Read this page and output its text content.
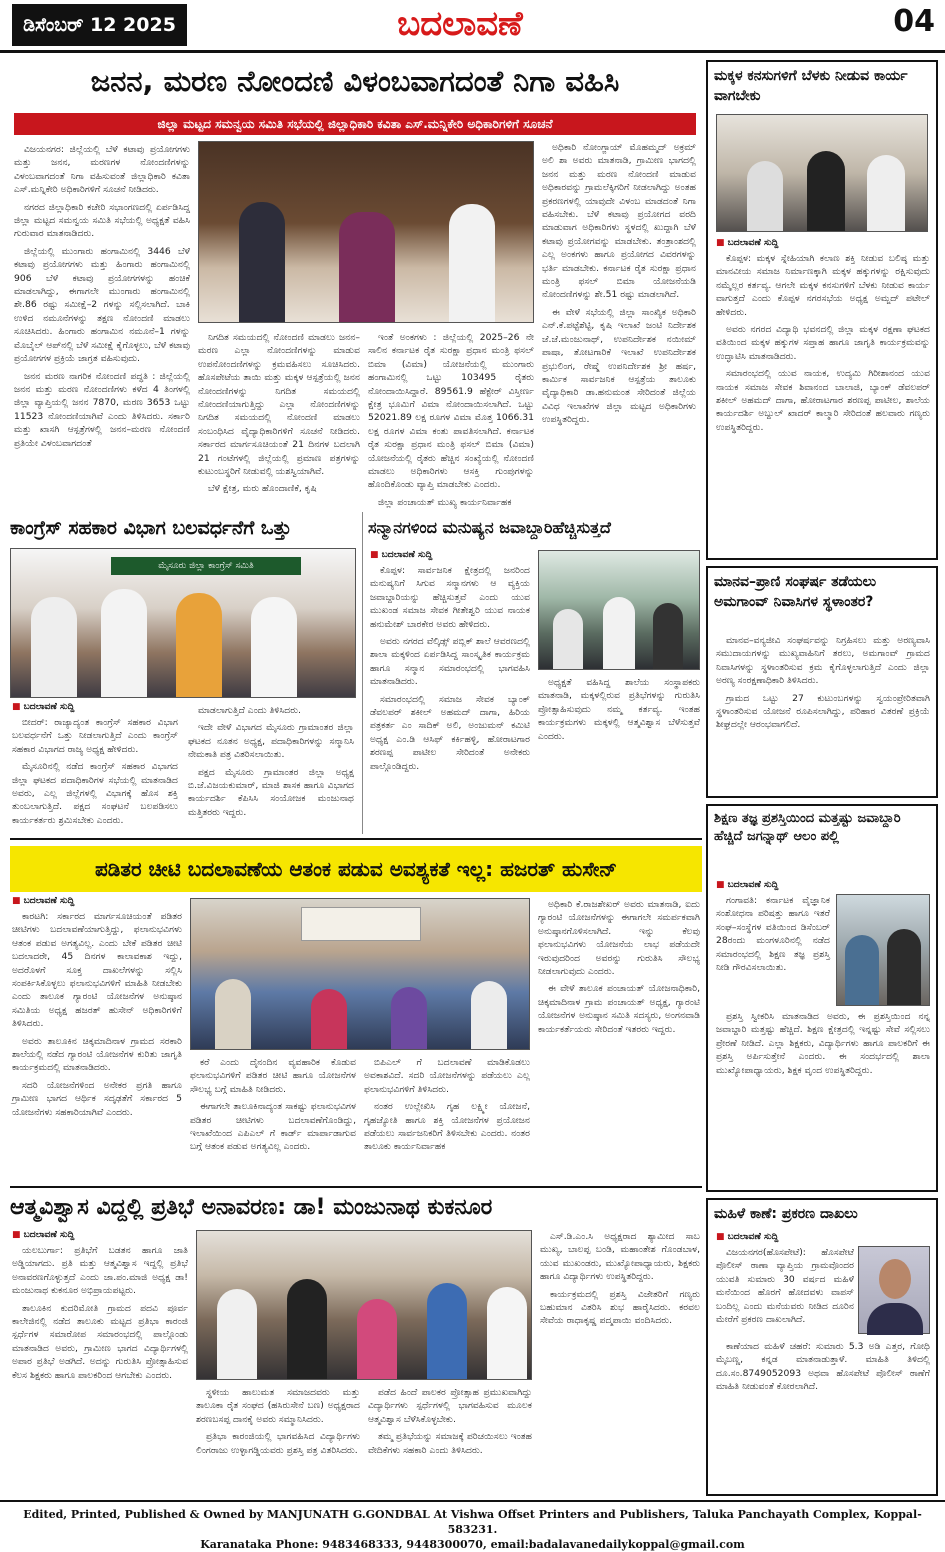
ಡಿಸೆಂಬರ್ 12 2025	ಬದಲಾವಣೆ	04
ಜನನ, ಮರಣ ನೋಂದಣಿ ವಿಳಂಬವಾಗದಂತೆ ನಿಗಾ ವಹಿಸಿ
ಜಿಲ್ಲಾ ಮಟ್ಟದ ಸಮನ್ವಯ ಸಮಿತಿ ಸಭೆಯಲ್ಲಿ ಜಿಲ್ಲಾಧಿಕಾರಿ ಕವಿತಾ ಎಸ್.ಮನ್ನಿಕೇರಿ ಅಧಿಕಾರಿಗಳಿಗೆ ಸೂಚನೆ

ವಿಜಯನಗರ: ಜಿಲ್ಲೆಯಲ್ಲಿ ಬೆಳೆ ಕಟಾವು ಪ್ರಯೋಗಗಳು ಮತ್ತು ಜನನ, ಮರಣಗಳ ನೋಂದಣಿಗಳನ್ನು ವಿಳಂಬವಾಗದಂತೆ ನಿಗಾ ವಹಿಸುವಂತೆ ಜಿಲ್ಲಾಧಿಕಾರಿ ಕವಿತಾ ಎಸ್.ಮನ್ನಿಕೇರಿ ಅಧಿಕಾರಿಗಳಿಗೆ ಸೂಚನೆ ನೀಡಿದರು.

ನಗರದ ಜಿಲ್ಲಾಧಿಕಾರಿ ಕಚೇರಿ ಸಭಾಂಗಣದಲ್ಲಿ ಏರ್ಪಡಿಸಿದ್ದ ಜಿಲ್ಲಾ ಮಟ್ಟದ ಸಮನ್ವಯ ಸಮಿತಿ ಸಭೆಯಲ್ಲಿ ಅಧ್ಯಕ್ಷತೆ ವಹಿಸಿ ಗುರುವಾರ ಮಾತನಾಡಿದರು.

ಜಿಲ್ಲೆಯಲ್ಲಿ ಮುಂಗಾರು ಹಂಗಾಮಿನಲ್ಲಿ 3446 ಬೆಳೆ ಕಟಾವು ಪ್ರಯೋಗಗಳು ಮತ್ತು ಹಿಂಗಾರು ಹಂಗಾಮಿನಲ್ಲಿ 906 ಬೆಳೆ ಕಟಾವು ಪ್ರಯೋಗಗಳನ್ನು ಹಂಚಿಕೆ ಮಾಡಲಾಗಿದ್ದು, ಈಗಾಗಲೇ ಮುಂಗಾರು ಹಂಗಾಮಿನಲ್ಲಿ ಶೇ.86 ರಷ್ಟು ಸಮೀಕ್ಷೆ–2 ಗಳನ್ನು ಸಲ್ಲಿಸಲಾಗಿದೆ. ಬಾಕಿ ಉಳಿದ ನಮೂನೆಗಳನ್ನು ತಕ್ಷಣ ನೋಂದಣಿ ಮಾಡಲು ಸೂಚಿಸಿದರು. ಹಿಂಗಾರು ಹಂಗಾಮಿನ ನಮೂನೆ–1 ಗಳನ್ನು ಮೊಬೈಲ್ ಆಪ್‌ನಲ್ಲಿ ಬೆಳೆ ಸಮೀಕ್ಷೆ ಕೈಗೊಳ್ಳಲು, ಬೆಳೆ ಕಟಾವು ಪ್ರಯೋಗಗಳ ಪ್ರಕ್ರಿಯೆ ಜಾಗ್ರತ ವಹಿಸುವುದು.

ಜನನ ಮರಣ ನಾಗರಿಕ ನೋಂದಣಿ ಪದ್ಧತಿ : ಜಿಲ್ಲೆಯಲ್ಲಿ ಜನನ ಮತ್ತು ಮರಣ ನೋಂದಣಿಗಳು ಕಳೆದ 4 ತಿಂಗಳಲ್ಲಿ ಜಿಲ್ಲಾ ವ್ಯಾಪ್ತಿಯಲ್ಲಿ ಜನನ 7870, ಮರಣ 3653 ಒಟ್ಟು 11523 ನೋಂದಣಿಯಾಗಿವೆ ಎಂದು ತಿಳಿಸಿದರು. ಸರ್ಕಾರಿ ಮತ್ತು ಖಾಸಗಿ ಆಸ್ಪತ್ರೆಗಳಲ್ಲಿ ಜನನ–ಮರಣ ನೋಂದಣಿ ಪ್ರತಿಯೇ ವಿಳಂಬವಾಗದಂತೆ

ನಿಗದಿತ ಸಮಯದಲ್ಲಿ ನೋಂದಣಿ ಮಾಡಲು ಜನನ–ಮರಣ ಎಲ್ಲಾ ನೋಂದಣಿಗಳನ್ನು ಮಾಡುವ ಉಪನೋಂದಣಿಗಳನ್ನು ಕ್ರಮವಹಿಸಲು ಸೂಚಿಸಿದರು. ಹೊಸಪೇಟೆಯ ತಾಯಿ ಮತ್ತು ಮಕ್ಕಳ ಆಸ್ಪತ್ರೆಯಲ್ಲಿ ಜನನ ನೋಂದಣಿಗಳನ್ನು ನಿಗದಿತ ಸಮಯದಲ್ಲಿ ನೋಂದಣಿಯಾಗುತ್ತಿದ್ದು ಎಲ್ಲಾ ನೋಂದಣಿಗಳನ್ನು ನಿಗದಿತ ಸಮಯದಲ್ಲಿ ನೋಂದಣಿ ಮಾಡಲು ಸಂಬಂಧಿಸಿದ ವೈದ್ಯಾಧಿಕಾರಿಗಳಿಗೆ ಸೂಚನೆ ನೀಡಿದರು. ಸರ್ಕಾರದ ಮಾರ್ಗಸೂಚಿಯಂತೆ 21 ದಿನಗಳ ಬದಲಾಗಿ 21 ಗಂಟೆಗಳಲ್ಲಿ ಜಿಲ್ಲೆಯಲ್ಲಿ ಪ್ರಮಾಣ ಪತ್ರಗಳನ್ನು ಕುಟುಂಬಸ್ಥರಿಗೆ ನೀಡುವಲ್ಲಿ ಯಶಸ್ವಿಯಾಗಿವೆ.

ಬೆಳೆ ಕ್ಷೇತ್ರ, ಮರು ಹೊಂದಾಣಿಕೆ, ಕೃಷಿ

ಇಂತೆ ಅಂಕಗಳು : ಜಿಲ್ಲೆಯಲ್ಲಿ 2025–26 ನೇ ಸಾಲಿನ ಕರ್ನಾಟಕ ರೈತ ಸುರಕ್ಷಾ ಪ್ರಧಾನ ಮಂತ್ರಿ ಫಸಲ್ ಬಿಮಾ (ವಿಮಾ) ಯೋಜನೆಯಲ್ಲಿ ಮುಂಗಾರು ಹಂಗಾಮಿನಲ್ಲಿ ಒಟ್ಟು 103495 ರೈತರು ನೋಂದಾಯಿಸಿದ್ದಾರೆ. 89561.9 ಹೆಕ್ಟೇರ್ ವಿಸ್ತೀರ್ಣ ಕ್ಷೇತ್ರ ಭೂಮಿಗೆ ವಿಮಾ ನೋಂದಾಯಿಸಲಾಗಿದೆ. ಒಟ್ಟು 52021.89 ಲಕ್ಷ ರೂಗಳ ವಿಮಾ ಮೊತ್ತ 1066.31 ಲಕ್ಷ ರೂಗಳ ವಿಮಾ ಕಂತು ಪಾವತಿಸಲಾಗಿದೆ. ಕರ್ನಾಟಕ ರೈತ ಸುರಕ್ಷಾ ಪ್ರಧಾನ ಮಂತ್ರಿ ಫಸಲ್ ಬಿಮಾ (ವಿಮಾ) ಯೋಜನೆಯಲ್ಲಿ ರೈತರು ಹೆಚ್ಚಿನ ಸಂಖ್ಯೆಯಲ್ಲಿ ನೋಂದಣಿ ಮಾಡಲು ಅಧಿಕಾರಿಗಳು ಆಸಕ್ತಿ ಗುಂಪುಗಳನ್ನು ಹೊಂದಿಕೊಂಡು ವ್ಯಾಪ್ತಿ ಮಾಡಬೇಕು ಎಂದರು.

ಜಿಲ್ಲಾ ಪಂಚಾಯತ್ ಮುಖ್ಯ ಕಾರ್ಯನಿರ್ವಾಹಕ

ಅಧಿಕಾರಿ ನೋಂಗ್ಜಾಯ್ ಮೊಹಮ್ಮದ್ ಅಕ್ರಮ್ ಅಲಿ ಶಾ ಅವರು ಮಾತನಾಡಿ, ಗ್ರಾಮೀಣ ಭಾಗದಲ್ಲಿ ಜನನ ಮತ್ತು ಮರಣ ನೋಂದಣಿ ಮಾಡುವ ಅಧಿಕಾರವನ್ನು ಗ್ರಾಮಲೆಕ್ಕಿಗರಿಗೆ ನೀಡಲಾಗಿದ್ದು ಅಂತಹ ಪ್ರಕರಣಗಳಲ್ಲಿ ಯಾವುದೇ ವಿಳಂಬ ಮಾಡದಂತೆ ನಿಗಾ ವಹಿಸಬೇಕು. ಬೆಳೆ ಕಟಾವು ಪ್ರಯೋಗದ ವರದಿ ಮಾಡುವಾಗ ಅಧಿಕಾರಿಗಳು ಸ್ಥಳದಲ್ಲಿ ಖುದ್ದಾಗಿ ಬೆಳೆ ಕಟಾವು ಪ್ರಯೋಗವನ್ನು ಮಾಡಬೇಕು. ತಂತ್ರಾಂಶದಲ್ಲಿ ಎಲ್ಲ ಅಂಕಗಳು ಹಾಗೂ ಪ್ರಯೋಗದ ವಿವರಗಳನ್ನು ಭರ್ತಿ ಮಾಡಬೇಕು. ಕರ್ನಾಟಕ ರೈತ ಸುರಕ್ಷಾ ಪ್ರಧಾನ ಮಂತ್ರಿ ಫಸಲ್ ಬಿಮಾ ಯೋಜನೆಯಡಿ ನೋಂದಣಿಗಳನ್ನು ಶೇ.51 ರಷ್ಟು ಮಾಡಲಾಗಿದೆ.

ಈ ವೇಳೆ ಸಭೆಯಲ್ಲಿ ಜಿಲ್ಲಾ ಸಾಂಖ್ಯಿಕ ಅಧಿಕಾರಿ ಎನ್.ಕೆ.ಪಟ್ಟೆಶೆಟ್ಟಿ, ಕೃಷಿ ಇಲಾಖೆ ಜಂಟಿ ನಿರ್ದೇಶಕ ಜೆ.ಜೆ.ಮಂಜುನಾಥ್, ಉಪನಿರ್ದೇಶಕ ನಯೀಮ್ ಪಾಷಾ, ತೋಟಗಾರಿಕೆ ಇಲಾಖೆ ಉಪನಿರ್ದೇಶಕ ಪ್ರಭುಲಿಂಗ, ರೇಷ್ಮೆ ಉಪನಿರ್ದೇಶಕ ಶ್ರೀ ಹರ್ಷ, ಕಾರ್ಮಿಕ ಸಾರ್ವಜನಿಕ ಆಸ್ಪತ್ರೆಯ ತಾಲೂಕು ವೈದ್ಯಾಧಿಕಾರಿ ಡಾ.ಹನುಮಂತ ಸೇರಿದಂತೆ ಜಿಲ್ಲೆಯ ವಿವಿಧ ಇಲಾಖೆಗಳ ಜಿಲ್ಲಾ ಮಟ್ಟದ ಅಧಿಕಾರಿಗಳು ಉಪಸ್ಥಿತರಿದ್ದರು.

ಮಕ್ಕಳ ಕನಸುಗಳಿಗೆ ಬೆಳಕು ನೀಡುವ ಕಾರ್ಯ ವಾಗಬೇಕು
■ ಬದಲಾವಣೆ ಸುದ್ದಿ

ಕೊಪ್ಪಳ: ಮಕ್ಕಳ ಸ್ನೇಹಿಯಾಗಿ ಕಲಾಣ ಶಕ್ತಿ ನೀಡುವ ಬಲಿಷ್ಠ ಮತ್ತು ಮಾನವೀಯ ಸಮಾಜ ನಿರ್ಮಾಣಕ್ಕಾಗಿ ಮಕ್ಕಳ ಹಕ್ಕುಗಳನ್ನು ರಕ್ಷಿಸುವುದು ನಮ್ಮೆಲ್ಲರ ಕರ್ತವ್ಯ. ಆಗಲೇ ಮಕ್ಕಳ ಕನಸುಗಳಿಗೆ ಬೆಳಕು ನೀಡುವ ಕಾರ್ಯ ವಾಗುತ್ತದೆ ಎಂದು ಕೊಪ್ಪಳ ನಗರಸಭೆಯ ಅಧ್ಯಕ್ಷ ಅಮ್ಜದ್ ಪಟೇಲ್ ಹೇಳಿದರು.

ಅವರು ನಗರದ ವಿದ್ಯಾಥಿ ಭವನದಲ್ಲಿ ಜಿಲ್ಲಾ ಮಕ್ಕಳ ರಕ್ಷಣಾ ಘಟಕದ ವತಿಯಿಂದ ಮಕ್ಕಳ ಹಕ್ಕುಗಳ ಸಪ್ತಾಹ ಹಾಗೂ ಜಾಗೃತಿ ಕಾರ್ಯಕ್ರಮವನ್ನು ಉದ್ಘಾಟಿಸಿ ಮಾತನಾಡಿದರು.

ಸಮಾರಂಭದಲ್ಲಿ ಯುವ ನಾಯಕ, ಉದ್ಯಮಿ ಗಿರೀಶಾನಂದ ಯುವ ನಾಯಕ ಸಮಾಜ ಸೇವಕ ಶಿವಾನಂದ ಬಾಲಾಜಿ, ಬ್ಯಾಂಕ್ ಡೆವಲಪರ್ ಶಕೀಲ್ ಅಹಮದ್ ದಾಗಾ, ಹೋರಾಟಗಾರ ಶರಣಪ್ಪ ಪಾಟೀಲ, ಶಾಲೆಯ ಕಾರ್ಯದರ್ಶಿ ಅಬ್ದುಲ್ ಖಾದರ್ ಕಾಲ್ಮಾರಿ ಸೇರಿದಂತೆ ಹಲವಾರು ಗಣ್ಯರು ಉಪಸ್ಥಿತರಿದ್ದರು.

ಮಾನವ–ಪ್ರಾಣಿ ಸಂಘರ್ಷ ತಡೆಯಲು ಅಮಗಾಂವ್ ನಿವಾಸಿಗಳ ಸ್ಥಳಾಂತರ?

ಮಾನವ–ವನ್ಯಜೀವಿ ಸಂಘರ್ಷವನ್ನು ನಿಗ್ರಹಿಸಲು ಮತ್ತು ಅರಣ್ಯವಾಸಿ ಸಮುದಾಯಗಳನ್ನು ಮುಖ್ಯವಾಹಿನಿಗೆ ತರಲು, ಅಮಗಾಂವ್ ಗ್ರಾಮದ ನಿವಾಸಿಗಳನ್ನು ಸ್ಥಳಾಂತರಿಸುವ ಕ್ರಮ ಕೈಗೊಳ್ಳಲಾಗುತ್ತಿದೆ ಎಂದು ಜಿಲ್ಲಾ ಅರಣ್ಯ ಸಂರಕ್ಷಣಾಧಿಕಾರಿ ತಿಳಿಸಿದರು.

ಗ್ರಾಮದ ಒಟ್ಟು 27 ಕುಟುಂಬಗಳನ್ನು ಸ್ವಯಂಪ್ರೇರಿತವಾಗಿ ಸ್ಥಳಾಂತರಿಸುವ ಯೋಜನೆ ರೂಪಿಸಲಾಗಿದ್ದು, ಪರಿಹಾರ ವಿತರಣೆ ಪ್ರಕ್ರಿಯೆ ಶೀಘ್ರದಲ್ಲೇ ಆರಂಭವಾಗಲಿದೆ.

ಕಾಂಗ್ರೆಸ್ ಸಹಕಾರ ವಿಭಾಗ ಬಲವರ್ಧನೆಗೆ ಒತ್ತು
ಮೈಸೂರು ಜಿಲ್ಲಾ ಕಾಂಗ್ರೆಸ್ ಸಮಿತಿ
■ ಬದಲಾವಣೆ ಸುದ್ದಿ

ಬೀದರ್: ರಾಜ್ಯಾದ್ಯಂತ ಕಾಂಗ್ರೆಸ್ ಸಹಕಾರ ವಿಭಾಗ ಬಲವರ್ಧನೆಗೆ ಒತ್ತು ನೀಡಲಾಗುತ್ತಿದೆ ಎಂದು ಕಾಂಗ್ರೆಸ್ ಸಹಕಾರ ವಿಭಾಗದ ರಾಜ್ಯ ಅಧ್ಯಕ್ಷ ಹೇಳಿದರು.

ಮೈಸೂರಿನಲ್ಲಿ ನಡೆದ ಕಾಂಗ್ರೆಸ್ ಸಹಕಾರ ವಿಭಾಗದ ಜಿಲ್ಲಾ ಘಟಕದ ಪದಾಧಿಕಾರಿಗಳ ಸಭೆಯಲ್ಲಿ ಮಾತನಾಡಿದ ಅವರು, ಎಲ್ಲ ಜಿಲ್ಲೆಗಳಲ್ಲಿ ವಿಭಾಗಕ್ಕೆ ಹೊಸ ಶಕ್ತಿ ತುಂಬಲಾಗುತ್ತಿದೆ. ಪಕ್ಷದ ಸಂಘಟನೆ ಬಲಪಡಿಸಲು ಕಾರ್ಯಕರ್ತರು ಶ್ರಮಿಸಬೇಕು ಎಂದರು.

ಮಾಡಲಾಗುತ್ತಿದೆ ಎಂದು ತಿಳಿಸಿದರು.

ಇದೇ ವೇಳೆ ವಿಭಾಗದ ಮೈಸೂರು ಗ್ರಾಮಾಂತರ ಜಿಲ್ಲಾ ಘಟಕದ ನೂತನ ಅಧ್ಯಕ್ಷ, ಪದಾಧಿಕಾರಿಗಳನ್ನು ಸನ್ಮಾನಿಸಿ ನೇಮಕಾತಿ ಪತ್ರ ವಿತರಿಸಲಾಯಿತು.

ಪಕ್ಷದ ಮೈಸೂರು ಗ್ರಾಮಾಂತರ ಜಿಲ್ಲಾ ಅಧ್ಯಕ್ಷ ಬಿ.ಜೆ.ವಿಜಯಕುಮಾರ್, ಮಾಜಿ ಶಾಸಕ ಹಾಗೂ ವಿಭಾಗದ ಕಾರ್ಯದರ್ಶಿ ಕೆಪಿಸಿಸಿ ಸಂಯೋಜಕ ಮಂಜುನಾಥ ಮತ್ತಿತರರು ಇದ್ದರು.

ಸನ್ಮಾನಗಳಿಂದ ಮನುಷ್ಯನ ಜವಾಬ್ದಾರಿಹೆಚ್ಚಿಸುತ್ತದೆ
■ ಬದಲಾವಣೆ ಸುದ್ದಿ

ಕೊಪ್ಪಳ: ಸಾರ್ವಜನಿಕ ಕ್ಷೇತ್ರದಲ್ಲಿ ಜನರಿಂದ ಮನುಷ್ಯನಿಗೆ ಸಿಗುವ ಸನ್ಮಾನಗಳು ಆ ವ್ಯಕ್ತಿಯ ಜವಾಬ್ದಾರಿಯನ್ನು ಹೆಚ್ಚಿಸುತ್ತವೆ ಎಂದು ಯುವ ಮುಖಂಡ ಸಮಾಜ ಸೇವಕ ಗೀತೇಶ್ವರಿ ಯುವ ನಾಯಕ ಹನುಮೇಶ್ ಬಾರಕೇರ ಅವರು ಹೇಳಿದರು.

ಅವರು ನಗರದ ವೆಲ್ಕಿಡ್ಸ್ ಪಬ್ಲಿಕ್ ಶಾಲೆ ಆವರಣದಲ್ಲಿ ಶಾಲಾ ಮಕ್ಕಳಿಂದ ಏರ್ಪಡಿಸಿದ್ದ ಸಾಂಸ್ಕೃತಿಕ ಕಾರ್ಯಕ್ರಮ ಹಾಗೂ ಸನ್ಮಾನ ಸಮಾರಂಭದಲ್ಲಿ ಭಾಗವಹಿಸಿ ಮಾತನಾಡಿದರು.

ಸಮಾರಂಭದಲ್ಲಿ ಸಮಾಜ ಸೇವಕ ಬ್ಯಾಂಕ್ ಡೆವಲಪರ್ ಶಕೀಲ್ ಅಹಮದ್ ದಾಗಾ, ಹಿರಿಯ ಪತ್ರಕರ್ತ ಎಂ ಸಾದಿಕ್ ಅಲಿ, ಅಂಜುಮನ್ ಕಮಿಟಿ ಅಧ್ಯಕ್ಷ ಎಂ.ಡಿ ಆಸಿಫ್ ಕರ್ಕಿಹಳ್ಳಿ, ಹೋರಾಟಗಾರ ಶರಣಪ್ಪ ಪಾಟೀಲ ಸೇರಿದಂತೆ ಅನೇಕರು ಪಾಲ್ಗೊಂಡಿದ್ದರು.

ಅಧ್ಯಕ್ಷತೆ ವಹಿಸಿದ್ದ ಶಾಲೆಯ ಸಂಸ್ಥಾಪಕರು ಮಾತನಾಡಿ, ಮಕ್ಕಳಲ್ಲಿರುವ ಪ್ರತಿಭೆಗಳನ್ನು ಗುರುತಿಸಿ ಪ್ರೋತ್ಸಾಹಿಸುವುದು ನಮ್ಮ ಕರ್ತವ್ಯ. ಇಂತಹ ಕಾರ್ಯಕ್ರಮಗಳು ಮಕ್ಕಳಲ್ಲಿ ಆತ್ಮವಿಶ್ವಾಸ ಬೆಳೆಸುತ್ತವೆ ಎಂದರು.

ಶಿಕ್ಷಣ ತಜ್ಞ ಪ್ರಶಸ್ತಿಯಿಂದ ಮತ್ತಷ್ಟು ಜವಾಬ್ದಾರಿ ಹೆಚ್ಚಿದೆ ಜಗನ್ನಾಥ್ ಆಲಂ ಪಲ್ಲಿ
■ ಬದಲಾವಣೆ ಸುದ್ದಿ

ಗಂಗಾವತಿ: ಕರ್ನಾಟಕ ವೈಜ್ಞಾನಿಕ ಸಂಶೋಧನಾ ಪರಿಷತ್ತು ಹಾಗೂ ಇತರೆ ಸಂಘ–ಸಂಸ್ಥೆಗಳ ವತಿಯಿಂದ ಡಿಸೆಂಬರ್ 28ರಂದು ಮಂಗಳೂರಿನಲ್ಲಿ ನಡೆದ ಸಮಾರಂಭದಲ್ಲಿ ಶಿಕ್ಷಣ ತಜ್ಞ ಪ್ರಶಸ್ತಿ ನೀಡಿ ಗೌರವಿಸಲಾಯಿತು.

ಪ್ರಶಸ್ತಿ ಸ್ವೀಕರಿಸಿ ಮಾತನಾಡಿದ ಅವರು, ಈ ಪ್ರಶಸ್ತಿಯಿಂದ ನನ್ನ ಜವಾಬ್ದಾರಿ ಮತ್ತಷ್ಟು ಹೆಚ್ಚಿದೆ. ಶಿಕ್ಷಣ ಕ್ಷೇತ್ರದಲ್ಲಿ ಇನ್ನಷ್ಟು ಸೇವೆ ಸಲ್ಲಿಸಲು ಪ್ರೇರಣೆ ನೀಡಿದೆ. ಎಲ್ಲಾ ಶಿಕ್ಷಕರು, ವಿದ್ಯಾರ್ಥಿಗಳು ಹಾಗೂ ಪಾಲಕರಿಗೆ ಈ ಪ್ರಶಸ್ತಿ ಅರ್ಪಿಸುತ್ತೇನೆ ಎಂದರು. ಈ ಸಂದರ್ಭದಲ್ಲಿ ಶಾಲಾ ಮುಖ್ಯೋಪಾಧ್ಯಾಯರು, ಶಿಕ್ಷಕ ವೃಂದ ಉಪಸ್ಥಿತರಿದ್ದರು.

ಮಹಿಳೆ ಕಾಣೆ: ಪ್ರಕರಣ ದಾಖಲು
■ ಬದಲಾವಣೆ ಸುದ್ದಿ

ವಿಜಯನಗರ(ಹೊಸಪೇಟೆ): ಹೊಸಪೇಟೆ ಪೊಲೀಸ್ ಠಾಣಾ ವ್ಯಾಪ್ತಿಯ ಗ್ರಾಮವೊಂದರ ಯುವತಿ ಸುಮಾರು 30 ವರ್ಷದ ಮಹಿಳೆ ಮನೆಯಿಂದ ಹೊರಗೆ ಹೋದವಳು ವಾಪಸ್ ಬಂದಿಲ್ಲ ಎಂದು ಮನೆಯವರು ನೀಡಿದ ದೂರಿನ ಮೇರೆಗೆ ಪ್ರಕರಣ ದಾಖಲಾಗಿದೆ.

ಕಾಣೆಯಾದ ಮಹಿಳೆ ಚಹರೆ: ಸುಮಾರು 5.3 ಅಡಿ ಎತ್ತರ, ಗೋಧಿ ಮೈಬಣ್ಣ, ಕನ್ನಡ ಮಾತನಾಡುತ್ತಾಳೆ. ಮಾಹಿತಿ ತಿಳಿದಲ್ಲಿ ದೂ.ಸಂ.8749052093 ಅಥವಾ ಹೊಸಪೇಟೆ ಪೊಲೀಸ್ ಠಾಣೆಗೆ ಮಾಹಿತಿ ನೀಡುವಂತೆ ಕೋರಲಾಗಿದೆ.

ಪಡಿತರ ಚೀಟಿ ಬದಲಾವಣೆಯ ಆತಂಕ ಪಡುವ ಅವಶ್ಯಕತೆ ಇಲ್ಲ: ಹಜರತ್ ಹುಸೇನ್
■ ಬದಲಾವಣೆ ಸುದ್ದಿ

ಕಾರಟಗಿ: ಸರ್ಕಾರದ ಮಾರ್ಗಸೂಚಿಯಂತೆ ಪಡಿತರ ಚೀಟಿಗಳು ಬದಲಾವಣೆಯಾಗುತ್ತಿದ್ದು, ಫಲಾನುಭವಿಗಳು ಆತಂಕ ಪಡುವ ಅಗತ್ಯವಿಲ್ಲ. ಎಂದು ಬೇಕೆ ಪಡಿತರ ಚೀಟಿ ಬದಲಾದರೇ, 45 ದಿನಗಳ ಕಾಲಾವಕಾಶ ಇದ್ದು, ಅದರೊಳಗೆ ಸೂಕ್ತ ದಾಖಲೆಗಳನ್ನು ಸಲ್ಲಿಸಿ ಸಂಪರ್ಕಿಸಿಕೊಳ್ಳಲು ಫಲಾನುಭವಿಗಳಿಗೆ ಮಾಹಿತಿ ನೀಡಬೇಕು ಎಂದು ತಾಲೂಕ ಗ್ಯಾರಂಟಿ ಯೋಜನೆಗಳ ಅನುಷ್ಠಾನ ಸಮಿತಿಯ ಅಧ್ಯಕ್ಷ ಹಜರತ್ ಹುಸೇನ್ ಅಧಿಕಾರಿಗಳಿಗೆ ತಿಳಿಸಿದರು.

ಅವರು ತಾಲೂಕಿನ ಚಿಕ್ಕಮಾದಿನಾಳ ಗ್ರಾಮದ ಸರಕಾರಿ ಶಾಲೆಯಲ್ಲಿ ನಡೆದ ಗ್ಯಾರಂಟಿ ಯೋಜನೆಗಳ ಕುರಿತು ಜಾಗೃತಿ ಕಾರ್ಯಕ್ರಮದಲ್ಲಿ ಮಾತನಾಡಿದರು.

ಸದರಿ ಯೋಜನೆಗಳಿಂದ ಅನೇಕರ ಪ್ರಗತಿ ಹಾಗೂ ಗ್ರಾಮೀಣ ಭಾಗದ ಆರ್ಥಿಕ ಸದೃಢತೆಗೆ ಸರ್ಕಾರದ 5 ಯೋಜನೆಗಳು ಸಹಕಾರಿಯಾಗಿವೆ ಎಂದರು.

ಕರೆ ಎಂದು ದೈನಂದಿನ ವ್ಯವಹಾರಿಕ ಕೊಡುವ ಫಲಾನುಭವಿಗಳಿಗೆ ಪಡಿತರ ಚೀಟಿ ಹಾಗೂ ಯೋಜನೆಗಳ ಸೌಲಭ್ಯ ಬಗ್ಗೆ ಮಾಹಿತಿ ನೀಡಿದರು.

ಈಗಾಗಲೇ ತಾಲೂಕಿನಾದ್ಯಂತ ಸಾಕಷ್ಟು ಫಲಾನುಭವಿಗಳ ಪಡಿತರ ಚೀಟಿಗಳು ಬದಲಾವಣೆಗೊಂಡಿದ್ದು, ಇಲಾಖೆಯಿಂದ ಎಪಿಎಲ್ ಗೆ ಕಾರ್ಡ್ ಮಾರ್ಪಾಡಾಗುವ ಬಗ್ಗೆ ಆತಂಕ ಪಡುವ ಅಗತ್ಯವಿಲ್ಲ ಎಂದರು.

ಬಿಪಿಎಲ್ ಗೆ ಬದಲಾವಣೆ ಮಾಡಿಕೊಡಲು ಅವಕಾಶವಿದೆ. ಸದರಿ ಯೋಜನೆಗಳನ್ನು ಪಡೆಯಲು ಎಲ್ಲ ಫಲಾನುಭವಿಗಳಿಗೆ ತಿಳಿಸಿದರು.

ನಂತರ ಉಲ್ಲೇಖಿಸಿ ಗೃಹ ಲಕ್ಷ್ಮೀ ಯೋಜನೆ, ಗೃಹಜ್ಯೋತಿ ಹಾಗೂ ಶಕ್ತಿ ಯೋಜನೆಗಳ ಪ್ರಯೋಜನ ಪಡೆಯಲು ಸಾರ್ವಜನಿಕರಿಗೆ ತಿಳಿಸಬೇಕು ಎಂದರು. ನಂತರ ತಾಲೂಕು ಕಾರ್ಯನಿರ್ವಾಹಕ

ಅಧಿಕಾರಿ ಕೆ.ರಾಜಶೇಖರ್ ಅವರು ಮಾತನಾಡಿ, ಐದು ಗ್ಯಾರಂಟಿ ಯೋಜನೆಗಳನ್ನು ಈಗಾಗಲೇ ಸಮರ್ಪಕವಾಗಿ ಅನುಷ್ಠಾನಗೊಳಿಸಲಾಗಿದೆ. ಇನ್ನು ಕೆಲವು ಫಲಾನುಭವಿಗಳು ಯೋಜನೆಯ ಲಾಭ ಪಡೆಯದೇ ಇರುವುದರಿಂದ ಅವರನ್ನು ಗುರುತಿಸಿ ಸೌಲಭ್ಯ ನೀಡಲಾಗುವುದು ಎಂದರು.

ಈ ವೇಳೆ ತಾಲೂಕ ಪಂಚಾಯತ್ ಯೋಜನಾಧಿಕಾರಿ, ಚಿಕ್ಕಮಾದಿನಾಳ ಗ್ರಾಮ ಪಂಚಾಯತ್ ಅಧ್ಯಕ್ಷ, ಗ್ಯಾರಂಟಿ ಯೋಜನೆಗಳ ಅನುಷ್ಠಾನ ಸಮಿತಿ ಸದಸ್ಯರು, ಅಂಗನವಾಡಿ ಕಾರ್ಯಕರ್ತೆಯರು ಸೇರಿದಂತೆ ಇತರರು ಇದ್ದರು.

ಆತ್ಮವಿಶ್ವಾಸ ವಿದ್ದಲ್ಲಿ ಪ್ರತಿಭೆ ಅನಾವರಣ: ಡಾ! ಮಂಜುನಾಥ ಕುಕನೂರ
■ ಬದಲಾವಣೆ ಸುದ್ದಿ

ಯಲಬುರ್ಗಾ: ಪ್ರತಿಭೆಗೆ ಬಡತನ ಹಾಗೂ ಜಾತಿ ಅಡ್ಡಿಯಾಗದು. ಪ್ರತಿ ಮತ್ತು ಆತ್ಮವಿಶ್ವಾಸ ಇದ್ದಲ್ಲಿ ಪ್ರತಿಭೆ ಅನಾವರಣಗೊಳ್ಳುತ್ತದೆ ಎಂದು ಜಾ.ಪಂ.ಮಾಜಿ ಅಧ್ಯಕ್ಷ ಡಾ! ಮಂಜುನಾಥ ಕುಕನೂರ ಅಭಿಪ್ರಾಯಪಟ್ಟರು.

ತಾಲೂಕಿನ ಕುದರಿಮೋತಿ ಗ್ರಾಮದ ಪದವಿ ಪೂರ್ವ ಕಾಲೇಜಿನಲ್ಲಿ ನಡೆದ ತಾಲೂಕು ಮಟ್ಟದ ಪ್ರತಿಭಾ ಕಾರಂಜಿ ಸ್ಪರ್ಧೆಗಳ ಸಮಾರೋಪ ಸಮಾರಂಭದಲ್ಲಿ ಪಾಲ್ಗೊಂಡು ಮಾತನಾಡಿದ ಅವರು, ಗ್ರಾಮೀಣ ಭಾಗದ ವಿದ್ಯಾರ್ಥಿಗಳಲ್ಲಿ ಅಪಾರ ಪ್ರತಿಭೆ ಅಡಗಿದೆ. ಅದನ್ನು ಗುರುತಿಸಿ ಪ್ರೋತ್ಸಾಹಿಸುವ ಕೆಲಸ ಶಿಕ್ಷಕರು ಹಾಗೂ ಪಾಲಕರಿಂದ ಆಗಬೇಕು ಎಂದರು.

ಸ್ಥಳೀಯ ಹಾಲುಮತ ಸಮಾಜದವರು ಮತ್ತು ತಾಲೂಕಾ ರೈತ ಸಂಘದ (ಹಸಿರುಸೇನೆ ಬಣ) ಅಧ್ಯಕ್ಷರಾದ ಶರಣಬಸಪ್ಪ ದಾನಕೈ ಅವರು ಸಮ್ಮಾನಿಸಿದರು.

ಪ್ರತಿಭಾ ಕಾರಂಜಿಯಲ್ಲಿ ಭಾಗವಹಿಸಿದ ವಿದ್ಯಾರ್ಥಿಗಳು ಲಿಂಗರಾಜು ಉಳ್ಳಾಗಡ್ಡಿಯವರು ಪ್ರಶಸ್ತಿ ಪತ್ರ ವಿತರಿಸಿದರು.

ಪಡೆದ ಹಿಂದೆ ಪಾಲಕರ ಪ್ರೋತ್ಸಾಹ ಪ್ರಮುಖವಾಗಿದ್ದು ವಿದ್ಯಾರ್ಥಿಗಳು ಸ್ಪರ್ಧೆಗಳಲ್ಲಿ ಭಾಗವಹಿಸುವ ಮೂಲಕ ಆತ್ಮವಿಶ್ವಾಸ ಬೆಳೆಸಿಕೊಳ್ಳಬೇಕು.

ತಮ್ಮ ಪ್ರತಿಭೆಯನ್ನು ಸಮಾಜಕ್ಕೆ ಪರಿಚಯಿಸಲು ಇಂತಹ ವೇದಿಕೆಗಳು ಸಹಕಾರಿ ಎಂದು ತಿಳಿಸಿದರು.

ಎಸ್.ಡಿ.ಎಂ.ಸಿ ಅಧ್ಯಕ್ಷರಾದ ಶ್ಯಾಮೀದ ಸಾಬ ಮುಖ್ಯ, ಬಾಲಪ್ಪ ಬಂಡಿ, ಮಹಾಂತೇಶ ಗೊಂಡಬಾಳ, ಯುವ ಮುಖಂಡರು, ಮುಖ್ಯೋಪಾಧ್ಯಾಯರು, ಶಿಕ್ಷಕರು ಹಾಗೂ ವಿದ್ಯಾರ್ಥಿಗಳು ಉಪಸ್ಥಿತರಿದ್ದರು.

ಕಾರ್ಯಕ್ರಮದಲ್ಲಿ ಪ್ರಶಸ್ತಿ ವಿಜೇತರಿಗೆ ಗಣ್ಯರು ಬಹುಮಾನ ವಿತರಿಸಿ ಶುಭ ಹಾರೈಸಿದರು. ಕರವಲ ಸೇವೆಯ ರಾಧಾಕೃಷ್ಣ ಪದ್ಮಪಾಯಿ ವಂದಿಸಿದರು.

Edited, Printed, Published & Owned by MANJUNATH G.GONDBAL At Vishwa Offset Printers and Publishers, Taluka Panchayath Complex, Koppal-583231.
Karanataka Phone: 9483468333, 9448300070, email:badalavanedailykoppal@gmail.com
